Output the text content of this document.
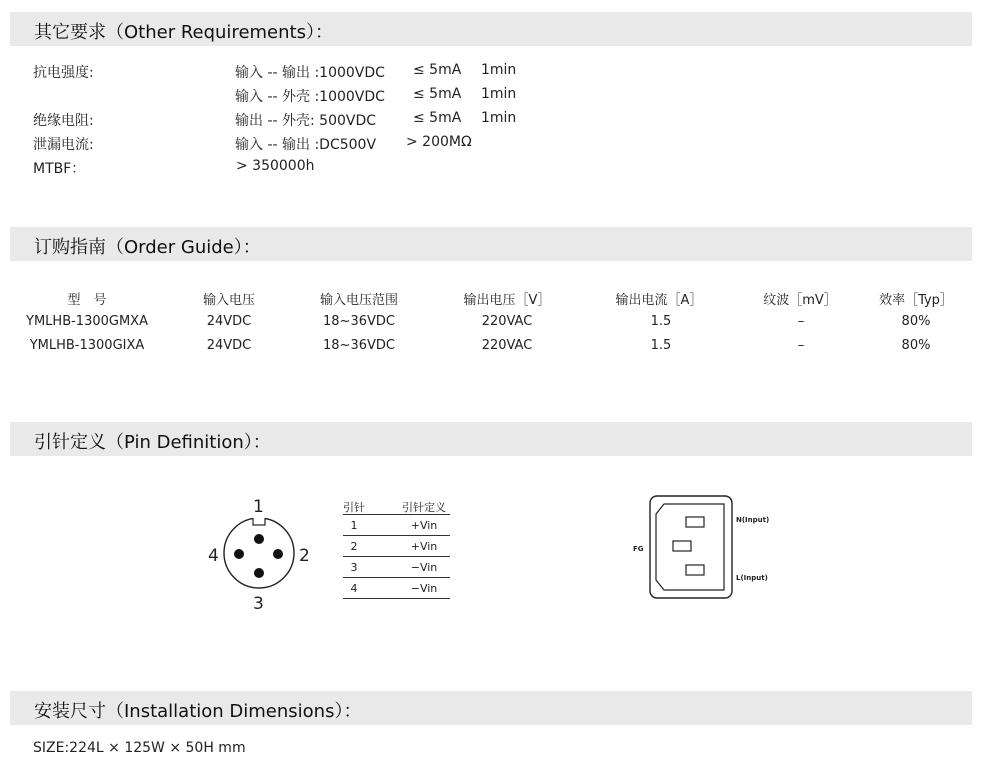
其它要求（Other Requirements）：
抗电强度:	输入 -- 输出 :1000VDC ≤ 5mA 1min
输入 -- 外壳 :1000VDC ≤ 5mA 1min
绝缘电阻:	输出 -- 外壳: 500VDC	≤ 5mA 1min
泄漏电流:	输入 -- 输出 :DC500V > 200MΩ
MTBF：	> 350000h
订购指南（Order Guide）：
型　号	输入电压	输入电压范围	输出电压［V］	输出电流［A］	纹波［mV］	效率［Typ］
YMLHB-1300GMXA	24VDC	18~36VDC	220VAC	1.5	–	80%
YMLHB-1300GIXA	24VDC	18~36VDC	220VAC	1.5	–	80%
引针定义（Pin Definition）：
1
2
3
4
引针	引针定义
1	+Vin
2	+Vin
3	−Vin
4	−Vin
N(Input)
FG
L(Input)
安装尺寸（Installation Dimensions）：
SIZE:224L × 125W × 50H mm
